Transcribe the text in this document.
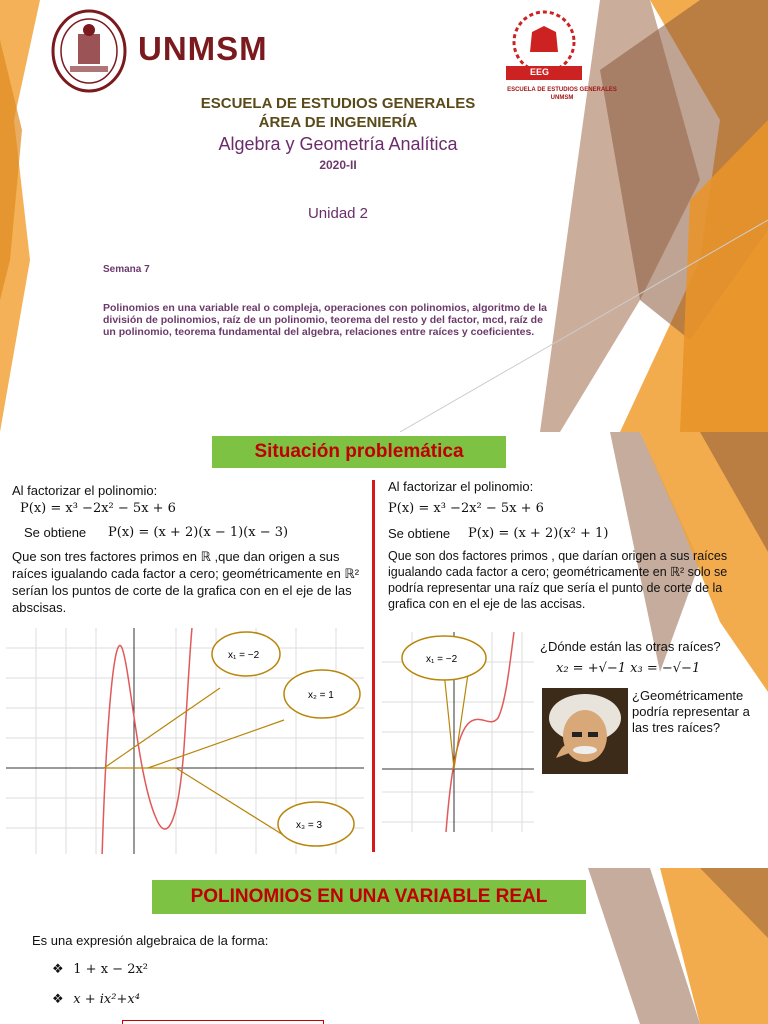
UNMSM
EEG
ESCUELA DE ESTUDIOS GENERALES
UNMSM
ESCUELA DE ESTUDIOS GENERALES
ÁREA DE INGENIERÍA
Algebra y Geometría Analítica
2020-II
Unidad 2
Semana 7
Polinomios en una variable real o compleja, operaciones con polinomios, algoritmo de la división de polinomios, raíz de un polinomio, teorema del resto y del factor, mcd, raíz de un polinomio, teorema fundamental del algebra, relaciones entre raíces y coeficientes.
Situación problemática
Al factorizar el polinomio:
P(x) = x³ −2x² − 5x + 6
Se obtiene P(x) = (x + 2)(x − 1)(x − 3)
Que son tres factores primos en ℝ ,que dan origen a sus raíces igualando cada factor a cero; geométricamente en ℝ² serían los puntos de corte de la grafica con en el eje de las abscisas.
x₁ = −2
x₂ = 1
x₃ = 3
Al factorizar el polinomio:
P(x) = x³ −2x² − 5x + 6
Se obtiene P(x) = (x + 2)(x² + 1)
Que son dos factores primos , que darían origen a sus raíces igualando cada factor a cero; geométricamente en ℝ² solo se podría representar una raíz que sería el punto de corte de la grafica con en el eje de las accisas.
x₁ = −2
¿Dónde están las otras raíces?
x₂ = +√−1 x₃ = −√−1
¿Geométricamente podría representar a las tres raíces?
POLINOMIOS EN UNA VARIABLE REAL
Es una expresión algebraica de la forma:
❖ 1 + x − 2x²
❖ x + ix²+x⁴
